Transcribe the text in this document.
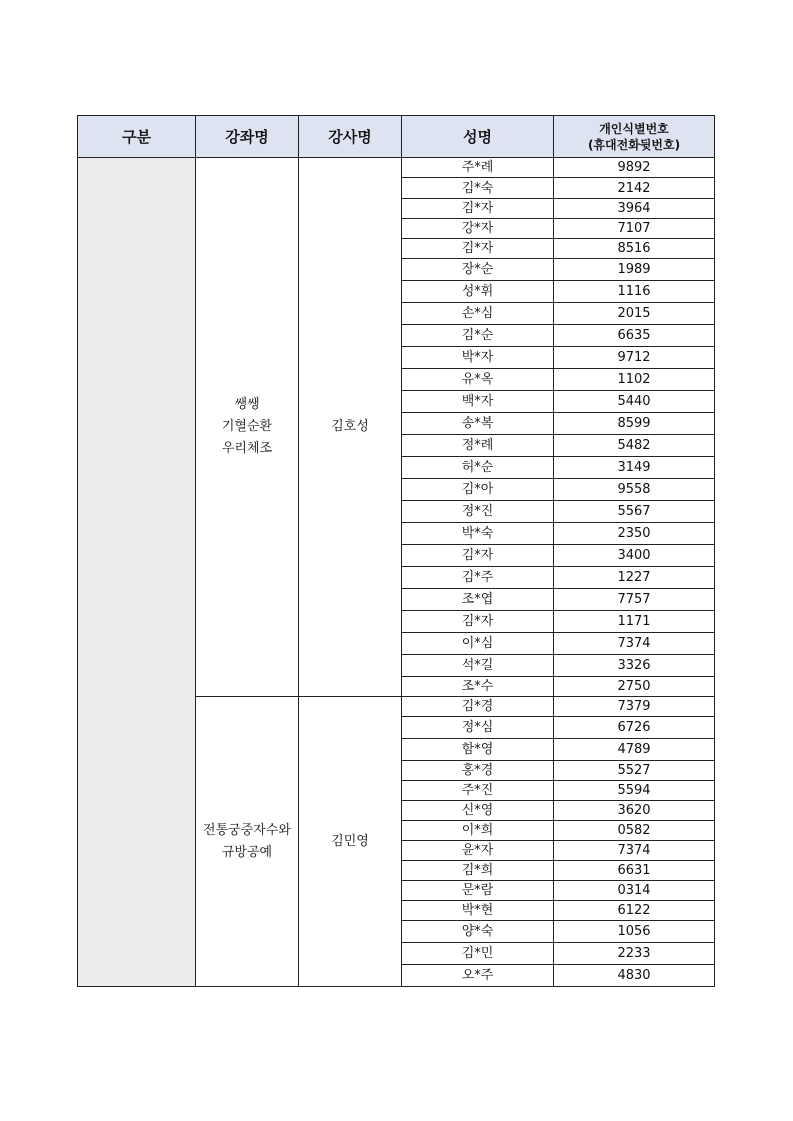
구분	강좌명	강사명	성명	개인식별번호
(휴대전화뒷번호)

	쌩쌩
기혈순환
우리체조	김호성	주*례	9892
			김*숙	2142
			김*자	3964
			강*자	7107
			김*자	8516
			장*순	1989
			성*휘	1116
			손*심	2015
			김*순	6635
			박*자	9712
			유*옥	1102
			백*자	5440
			송*복	8599
			정*례	5482
			허*순	3149
			김*아	9558
			정*진	5567
			박*숙	2350
			김*자	3400
			김*주	1227
			조*엽	7757
			김*자	1171
			이*심	7374
			석*길	3326
			조*수	2750

	전통궁중자수와
규방공예	김민영	김*경	7379
			정*심	6726
			함*영	4789
			홍*경	5527
			주*진	5594
			신*영	3620
			이*희	0582
			윤*자	7374
			김*희	6631
			문*람	0314
			박*현	6122
			양*숙	1056
			김*민	2233
			오*주	4830
